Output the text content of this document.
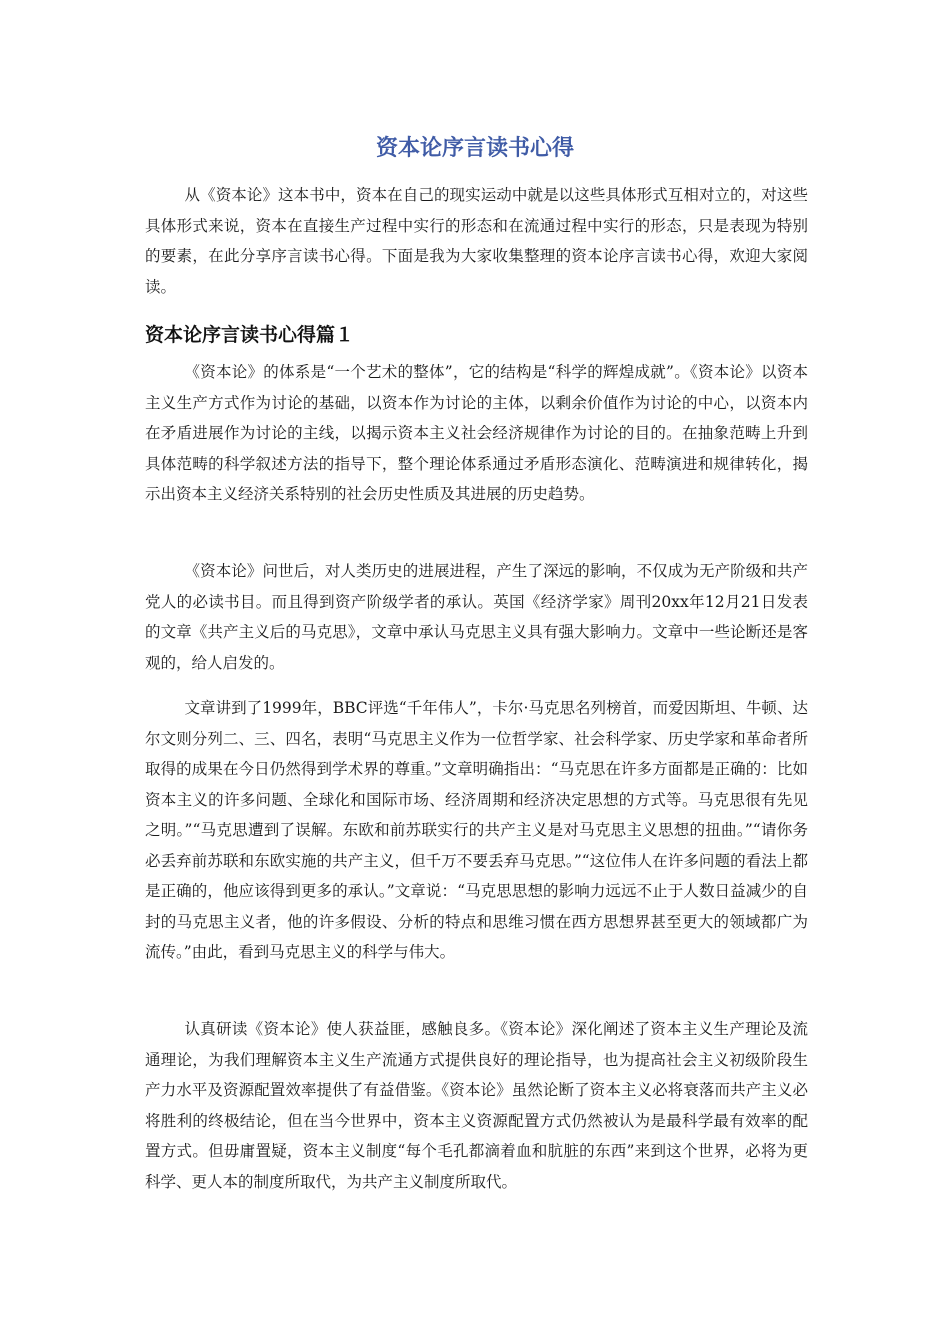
资本论序言读书心得

从《资本论》这本书中，资本在自己的现实运动中就是以这些具体形式互相对立的，对这些具体形式来说，资本在直接生产过程中实行的形态和在流通过程中实行的形态，只是表现为特别的要素，在此分享序言读书心得。下面是我为大家收集整理的资本论序言读书心得，欢迎大家阅读。

资本论序言读书心得篇１

《资本论》的体系是“一个艺术的整体”，它的结构是“科学的辉煌成就”。《资本论》以资本主义生产方式作为讨论的基础，以资本作为讨论的主体，以剩余价值作为讨论的中心，以资本内在矛盾进展作为讨论的主线，以揭示资本主义社会经济规律作为讨论的目的。在抽象范畴上升到具体范畴的科学叙述方法的指导下，整个理论体系通过矛盾形态演化、范畴演进和规律转化，揭示出资本主义经济关系特别的社会历史性质及其进展的历史趋势。

《资本论》问世后，对人类历史的进展进程，产生了深远的影响，不仅成为无产阶级和共产党人的必读书目。而且得到资产阶级学者的承认。英国《经济学家》周刊20xx年12月21日发表的文章《共产主义后的马克思》，文章中承认马克思主义具有强大影响力。文章中一些论断还是客观的，给人启发的。

文章讲到了1999年，BBC评选“千年伟人”，卡尔·马克思名列榜首，而爱因斯坦、牛顿、达尔文则分列二、三、四名，表明“马克思主义作为一位哲学家、社会科学家、历史学家和革命者所取得的成果在今日仍然得到学术界的尊重。”文章明确指出：“马克思在许多方面都是正确的：比如资本主义的许多问题、全球化和国际市场、经济周期和经济决定思想的方式等。马克思很有先见之明。”“马克思遭到了误解。东欧和前苏联实行的共产主义是对马克思主义思想的扭曲。”“请你务必丢弃前苏联和东欧实施的共产主义，但千万不要丢弃马克思。”“这位伟人在许多问题的看法上都是正确的，他应该得到更多的承认。”文章说：“马克思思想的影响力远远不止于人数日益减少的自封的马克思主义者，他的许多假设、分析的特点和思维习惯在西方思想界甚至更大的领域都广为流传。”由此，看到马克思主义的科学与伟大。

认真研读《资本论》使人获益匪，感触良多。《资本论》深化阐述了资本主义生产理论及流通理论，为我们理解资本主义生产流通方式提供良好的理论指导，也为提高社会主义初级阶段生产力水平及资源配置效率提供了有益借鉴。《资本论》虽然论断了资本主义必将衰落而共产主义必将胜利的终极结论，但在当今世界中，资本主义资源配置方式仍然被认为是最科学最有效率的配置方式。但毋庸置疑，资本主义制度“每个毛孔都滴着血和肮脏的东西”来到这个世界，必将为更科学、更人本的制度所取代，为共产主义制度所取代。
